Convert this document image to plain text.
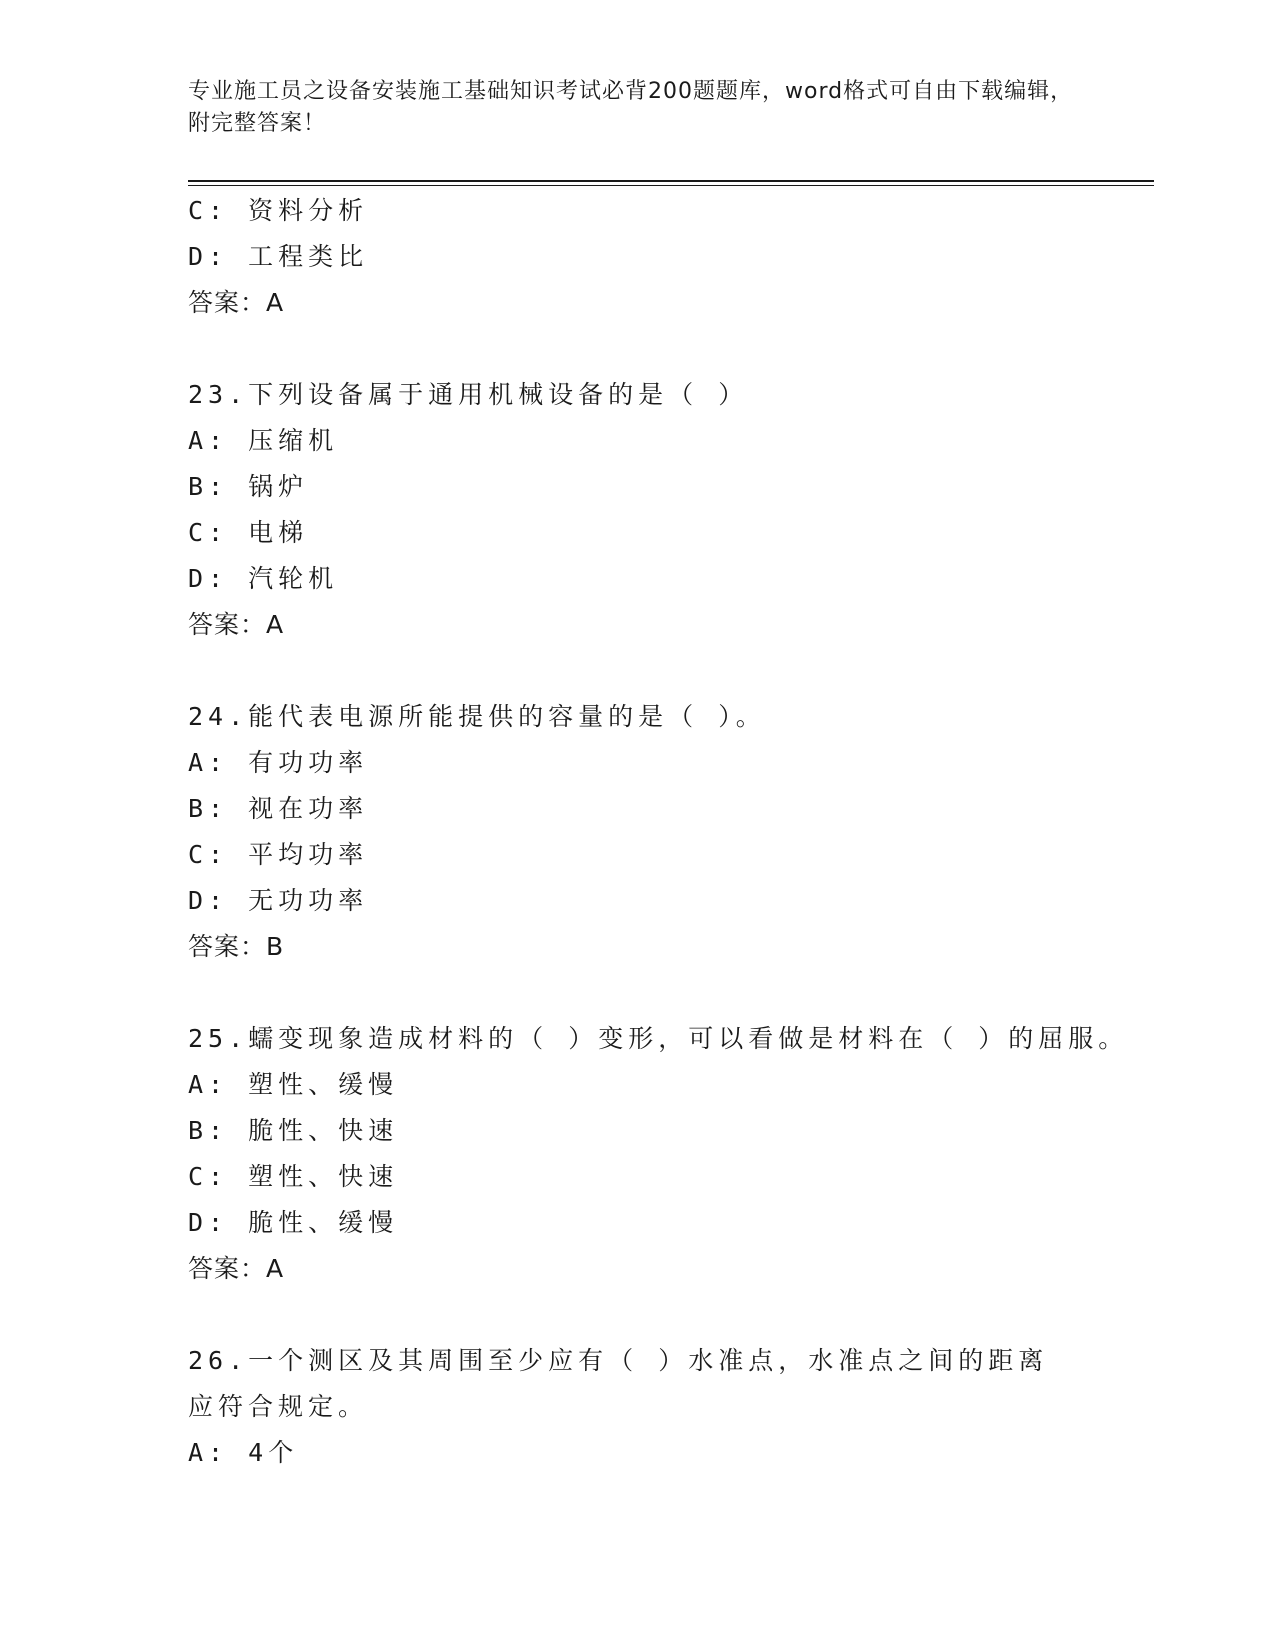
专业施工员之设备安装施工基础知识考试必背200题题库，word格式可自由下载编辑，附完整答案！
C: 资料分析
D: 工程类比
答案：A
23.下列设备属于通用机械设备的是（ ）
A: 压缩机
B: 锅炉
C: 电梯
D: 汽轮机
答案：A
24.能代表电源所能提供的容量的是（ ）。
A: 有功功率
B: 视在功率
C: 平均功率
D: 无功功率
答案：B
25.蠕变现象造成材料的（ ）变形，可以看做是材料在（ ）的屈服。
A: 塑性、缓慢
B: 脆性、快速
C: 塑性、快速
D: 脆性、缓慢
答案：A
26.一个测区及其周围至少应有（ ）水准点，水准点之间的距离应符合规定。
A: 4个
